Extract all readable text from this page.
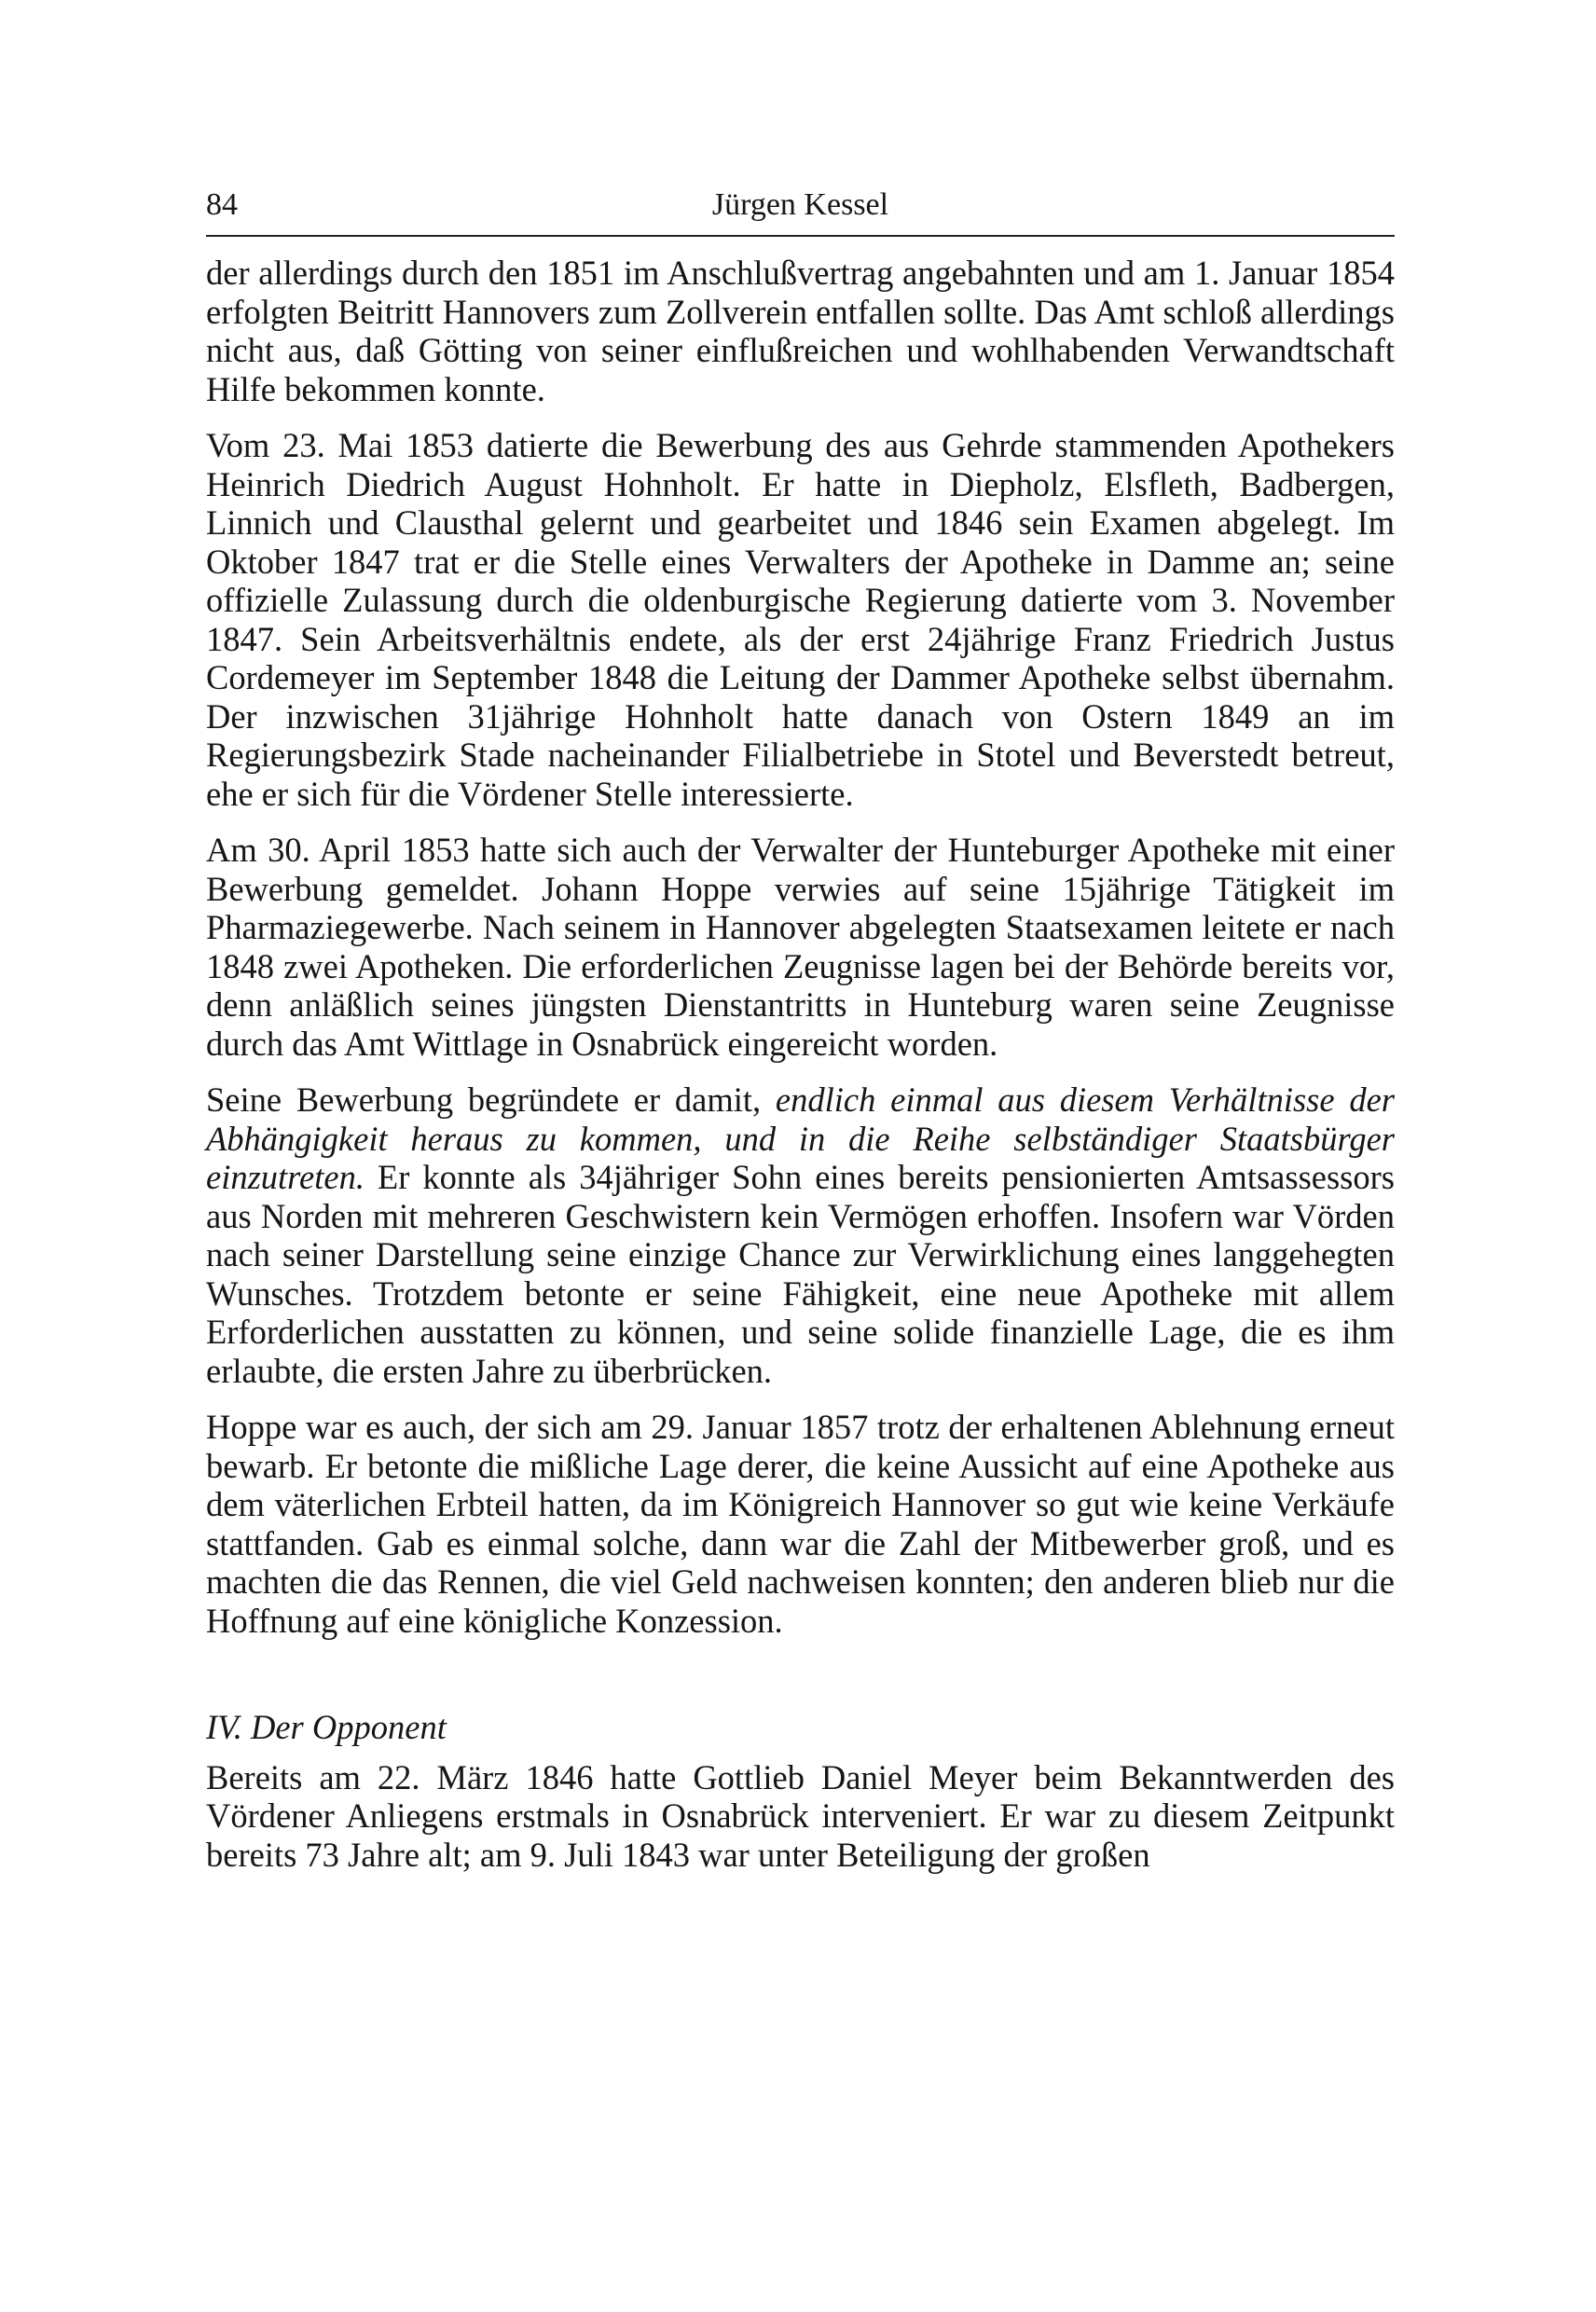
84	Jürgen Kessel

der allerdings durch den 1851 im Anschlußvertrag angebahnten und am 1. Januar 1854 erfolgten Beitritt Hannovers zum Zollverein entfallen sollte. Das Amt schloß allerdings nicht aus, daß Götting von seiner einflußreichen und wohlhabenden Verwandtschaft Hilfe bekommen konnte.

Vom 23. Mai 1853 datierte die Bewerbung des aus Gehrde stammenden Apothekers Heinrich Diedrich August Hohnholt. Er hatte in Diepholz, Elsfleth, Badbergen, Linnich und Clausthal gelernt und gearbeitet und 1846 sein Examen abgelegt. Im Oktober 1847 trat er die Stelle eines Verwalters der Apotheke in Damme an; seine offizielle Zulassung durch die oldenburgische Regierung datierte vom 3. November 1847. Sein Arbeitsverhältnis endete, als der erst 24jährige Franz Friedrich Justus Cordemeyer im September 1848 die Leitung der Dammer Apotheke selbst übernahm. Der inzwischen 31jährige Hohnholt hatte danach von Ostern 1849 an im Regierungsbezirk Stade nacheinander Filialbetriebe in Stotel und Beverstedt betreut, ehe er sich für die Vördener Stelle interessierte.

Am 30. April 1853 hatte sich auch der Verwalter der Hunteburger Apotheke mit einer Bewerbung gemeldet. Johann Hoppe verwies auf seine 15jährige Tätigkeit im Pharmaziegewerbe. Nach seinem in Hannover abgelegten Staatsexamen leitete er nach 1848 zwei Apotheken. Die erforderlichen Zeugnisse lagen bei der Behörde bereits vor, denn anläßlich seines jüngsten Dienstantritts in Hunteburg waren seine Zeugnisse durch das Amt Wittlage in Osnabrück eingereicht worden.

Seine Bewerbung begründete er damit, endlich einmal aus diesem Verhältnisse der Abhängigkeit heraus zu kommen, und in die Reihe selbständiger Staatsbürger einzutreten. Er konnte als 34jähriger Sohn eines bereits pensionierten Amtsassessors aus Norden mit mehreren Geschwistern kein Vermögen erhoffen. Insofern war Vörden nach seiner Darstellung seine einzige Chance zur Verwirklichung eines langgehegten Wunsches. Trotzdem betonte er seine Fähigkeit, eine neue Apotheke mit allem Erforderlichen ausstatten zu können, und seine solide finanzielle Lage, die es ihm erlaubte, die ersten Jahre zu überbrücken.

Hoppe war es auch, der sich am 29. Januar 1857 trotz der erhaltenen Ablehnung erneut bewarb. Er betonte die mißliche Lage derer, die keine Aussicht auf eine Apotheke aus dem väterlichen Erbteil hatten, da im Königreich Hannover so gut wie keine Verkäufe stattfanden. Gab es einmal solche, dann war die Zahl der Mitbewerber groß, und es machten die das Rennen, die viel Geld nachweisen konnten; den anderen blieb nur die Hoffnung auf eine königliche Konzession.

IV. Der Opponent

Bereits am 22. März 1846 hatte Gottlieb Daniel Meyer beim Bekanntwerden des Vördener Anliegens erstmals in Osnabrück interveniert. Er war zu diesem Zeitpunkt bereits 73 Jahre alt; am 9. Juli 1843 war unter Beteiligung der großen
